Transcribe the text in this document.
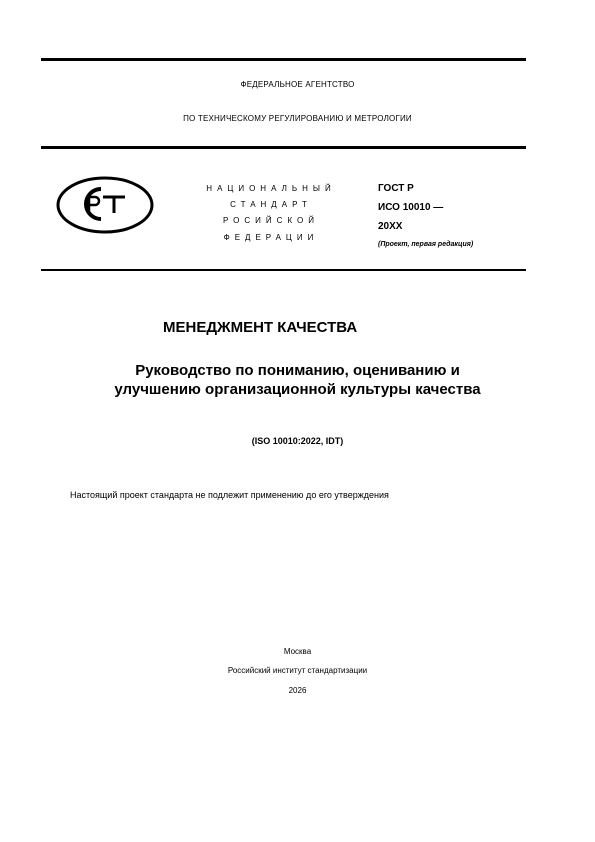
ФЕДЕРАЛЬНОЕ АГЕНТСТВО
ПО ТЕХНИЧЕСКОМУ РЕГУЛИРОВАНИЮ И МЕТРОЛОГИИ
НАЦИОНАЛЬНЫЙ
СТАНДАРТ
РОСИЙСКОЙ
ФЕДЕРАЦИИ
ГОСТ Р
ИСО 10010 —
20ХХ
(Проект, первая редакция)
МЕНЕДЖМЕНТ КАЧЕСТВА
Руководство по пониманию, оцениванию и
улучшению организационной культуры качества
(ISO 10010:2022, IDT)
Настоящий проект стандарта не подлежит применению до его утверждения
Москва
Российский институт стандартизации
2026
